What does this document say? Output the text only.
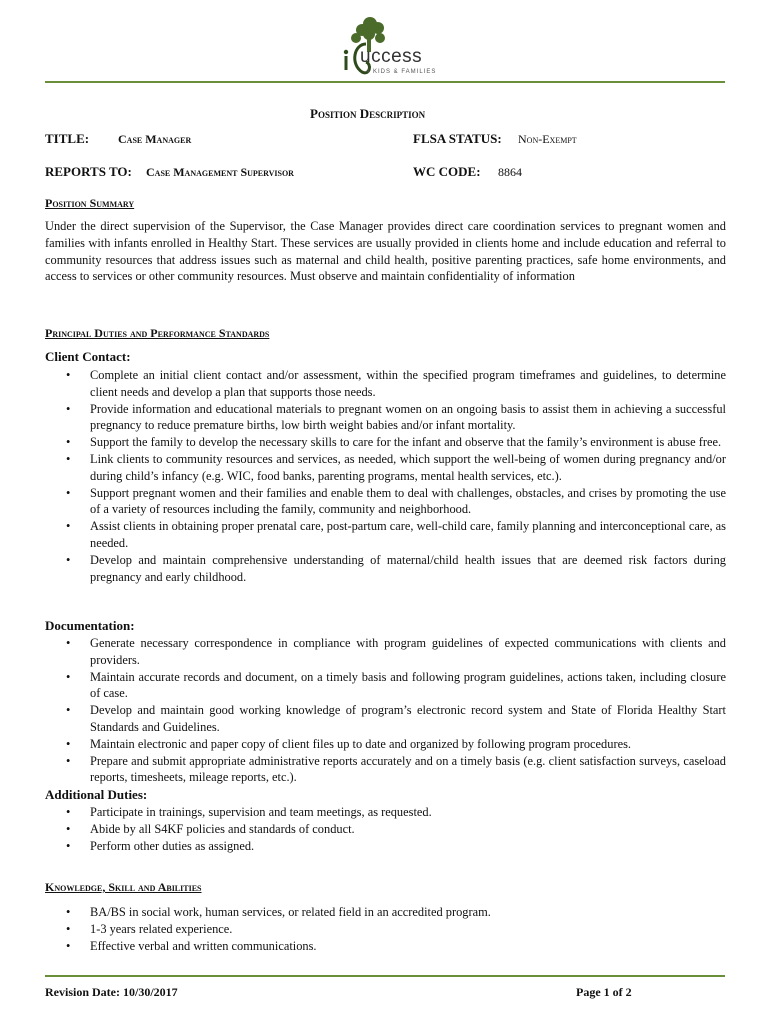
uccess
4 KIDS & FAMILIES
Position Description
TITLE: Case Manager	FLSA STATUS: Non-Exempt
REPORTS TO: Case Management Supervisor	WC CODE: 8864
Position Summary
Under the direct supervision of the Supervisor, the Case Manager provides direct care coordination services to pregnant women and families with infants enrolled in Healthy Start. These services are usually provided in clients home and include education and referral to community resources that address issues such as maternal and child health, positive parenting practices, safe home environments, and access to services or other community resources. Must observe and maintain confidentiality of information
Principal Duties and Performance Standards
Client Contact:
• Complete an initial client contact and/or assessment, within the specified program timeframes and guidelines, to determine client needs and develop a plan that supports those needs.
• Provide information and educational materials to pregnant women on an ongoing basis to assist them in achieving a successful pregnancy to reduce premature births, low birth weight babies and/or infant mortality.
• Support the family to develop the necessary skills to care for the infant and observe that the family’s environment is abuse free.
• Link clients to community resources and services, as needed, which support the well-being of women during pregnancy and/or during child’s infancy (e.g. WIC, food banks, parenting programs, mental health services, etc.).
• Support pregnant women and their families and enable them to deal with challenges, obstacles, and crises by promoting the use of a variety of resources including the family, community and neighborhood.
• Assist clients in obtaining proper prenatal care, post-partum care, well-child care, family planning and interconceptional care, as needed.
• Develop and maintain comprehensive understanding of maternal/child health issues that are deemed risk factors during pregnancy and early childhood.
Documentation:
• Generate necessary correspondence in compliance with program guidelines of expected communications with clients and providers.
• Maintain accurate records and document, on a timely basis and following program guidelines, actions taken, including closure of case.
• Develop and maintain good working knowledge of program’s electronic record system and State of Florida Healthy Start Standards and Guidelines.
• Maintain electronic and paper copy of client files up to date and organized by following program procedures.
• Prepare and submit appropriate administrative reports accurately and on a timely basis (e.g. client satisfaction surveys, caseload reports, timesheets, mileage reports, etc.).
Additional Duties:
• Participate in trainings, supervision and team meetings, as requested.
• Abide by all S4KF policies and standards of conduct.
• Perform other duties as assigned.
Knowledge, Skill and Abilities
• BA/BS in social work, human services, or related field in an accredited program.
• 1-3 years related experience.
• Effective verbal and written communications.
Revision Date: 10/30/2017	Page 1 of 2
